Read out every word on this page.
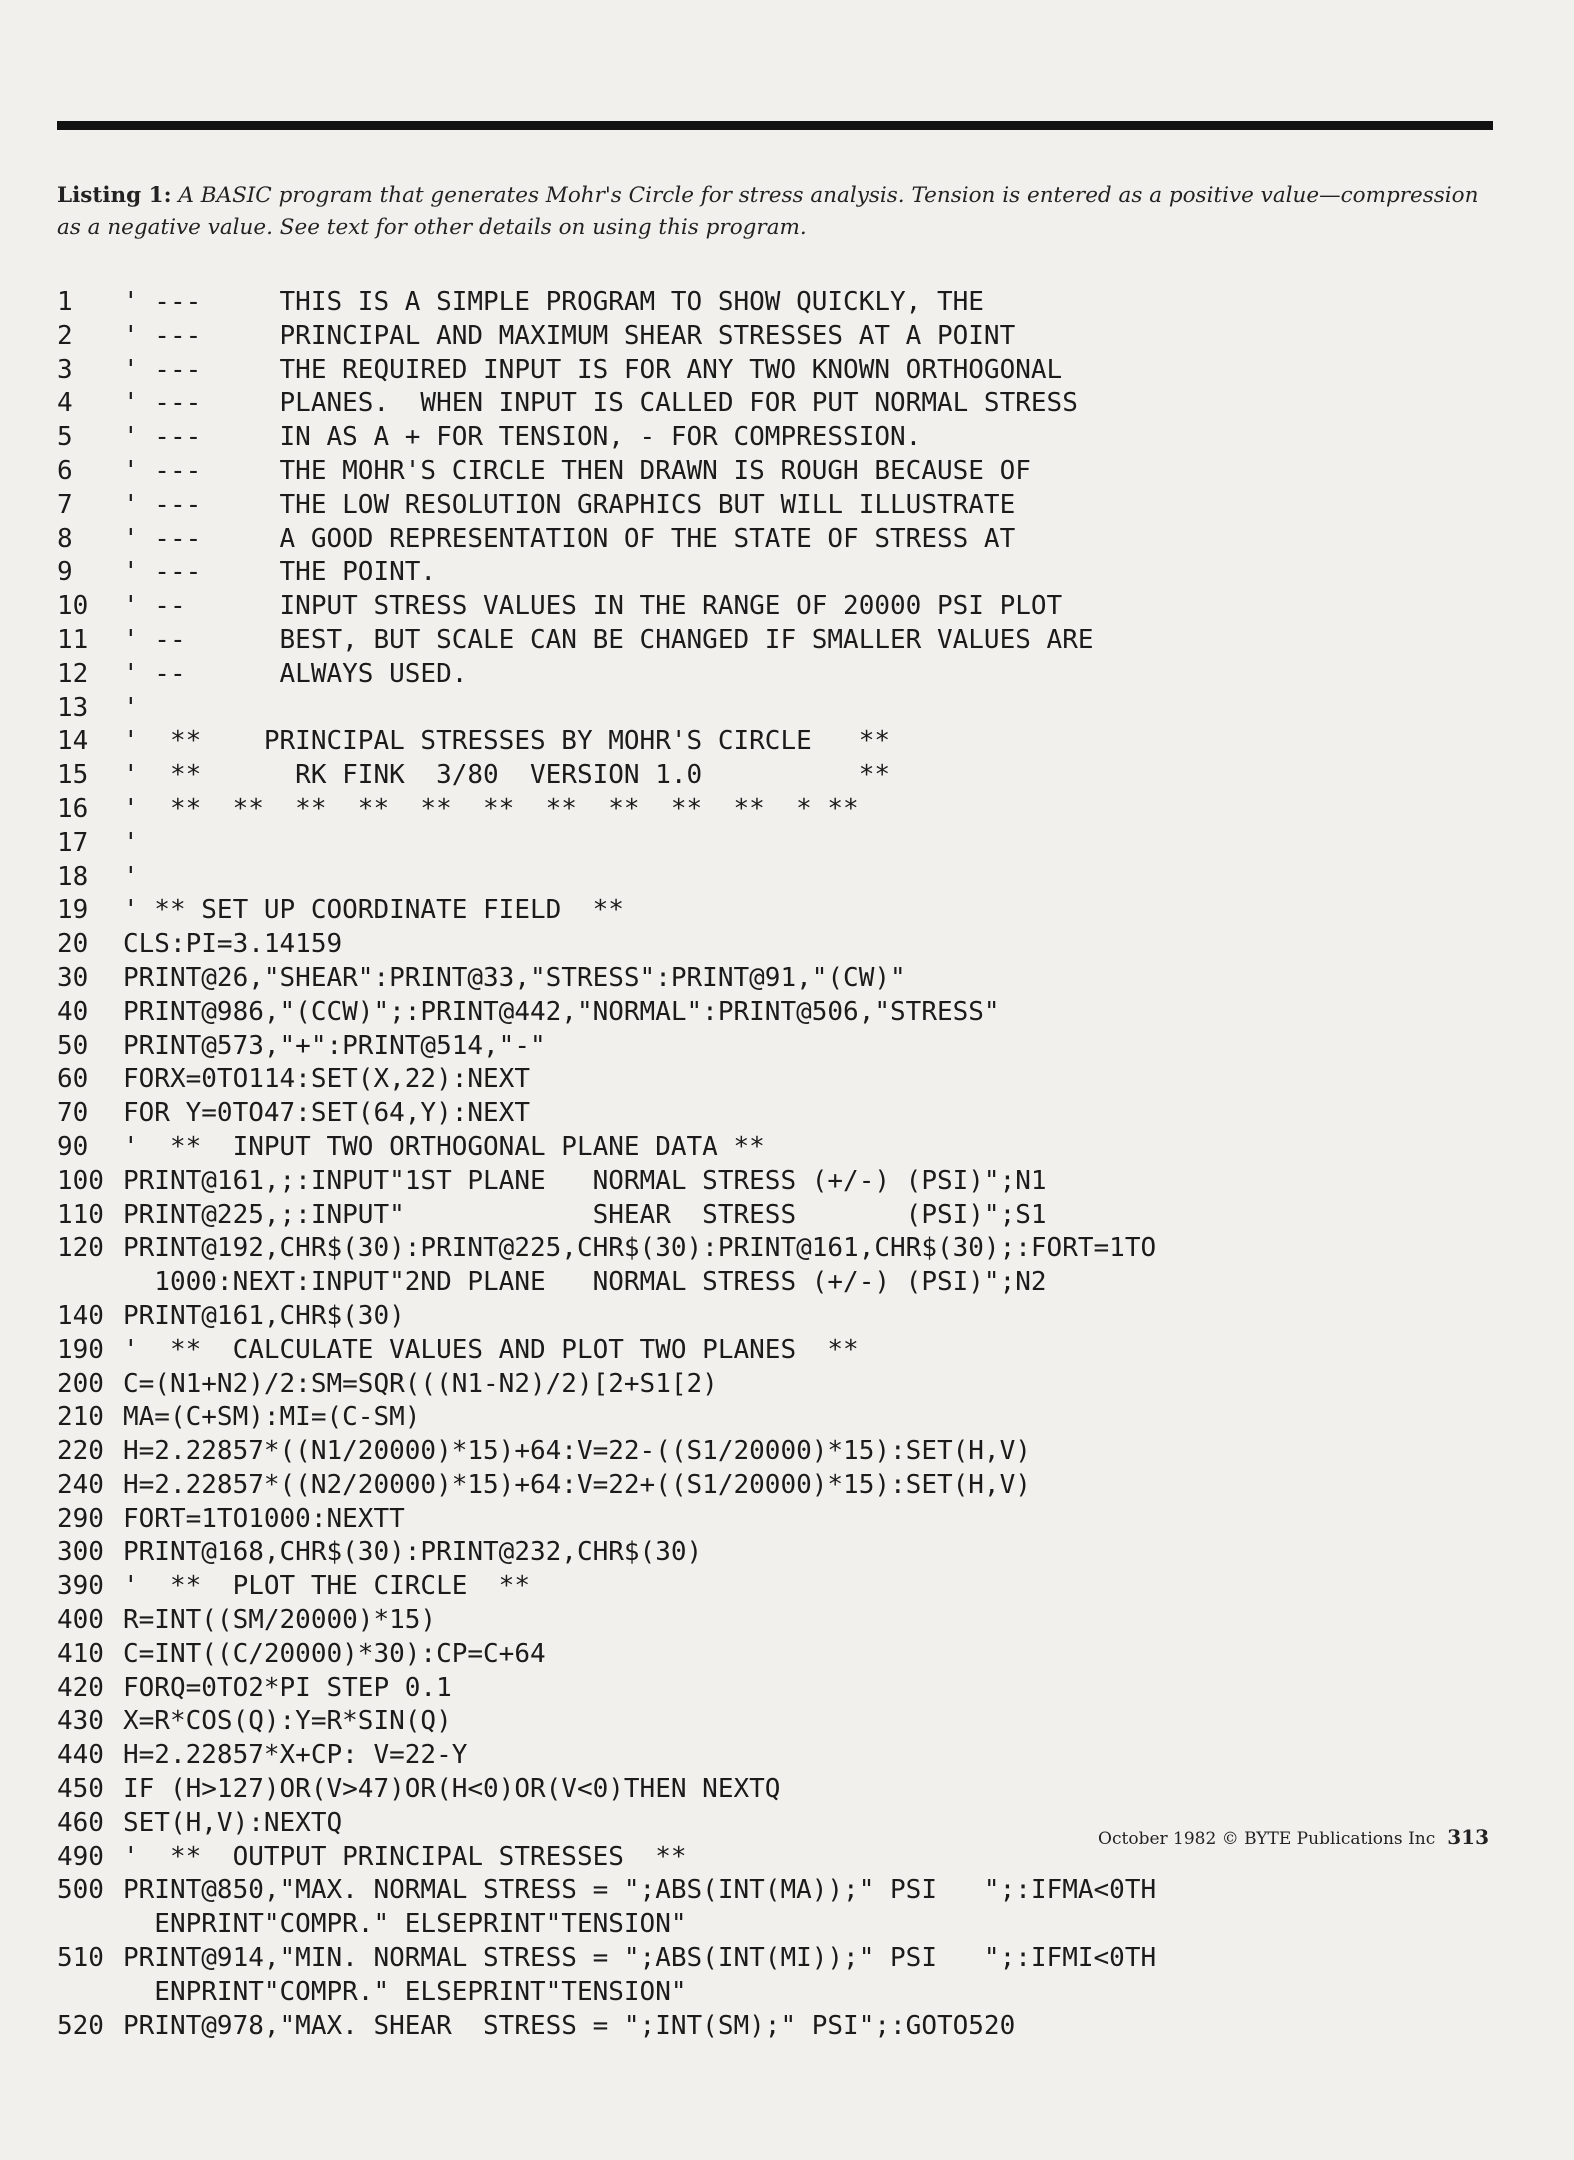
Listing 1: A BASIC program that generates Mohr's Circle for stress analysis. Tension is entered as a positive value—compression as a negative value. See text for other details on using this program.
1	' ---     THIS IS A SIMPLE PROGRAM TO SHOW QUICKLY, THE
2	' ---     PRINCIPAL AND MAXIMUM SHEAR STRESSES AT A POINT
3	' ---     THE REQUIRED INPUT IS FOR ANY TWO KNOWN ORTHOGONAL
4	' ---     PLANES.  WHEN INPUT IS CALLED FOR PUT NORMAL STRESS
5	' ---     IN AS A + FOR TENSION, - FOR COMPRESSION.
6	' ---     THE MOHR'S CIRCLE THEN DRAWN IS ROUGH BECAUSE OF
7	' ---     THE LOW RESOLUTION GRAPHICS BUT WILL ILLUSTRATE
8	' ---     A GOOD REPRESENTATION OF THE STATE OF STRESS AT
9	' ---     THE POINT.
10	' --      INPUT STRESS VALUES IN THE RANGE OF 20000 PSI PLOT
11	' --      BEST, BUT SCALE CAN BE CHANGED IF SMALLER VALUES ARE
12	' --      ALWAYS USED.
13	'
14	'  **    PRINCIPAL STRESSES BY MOHR'S CIRCLE   **
15	'  **      RK FINK  3/80  VERSION 1.0          **
16	'  **  **  **  **  **  **  **  **  **  **  * **
17	'
18	'
19	' ** SET UP COORDINATE FIELD  **
20	CLS:PI=3.14159
30	PRINT@26,"SHEAR":PRINT@33,"STRESS":PRINT@91,"(CW)"
40	PRINT@986,"(CCW)";:PRINT@442,"NORMAL":PRINT@506,"STRESS"
50	PRINT@573,"+":PRINT@514,"-"
60	FORX=0TO114:SET(X,22):NEXT
70	FOR Y=0TO47:SET(64,Y):NEXT
90	'  **  INPUT TWO ORTHOGONAL PLANE DATA **
100 PRINT@161,;:INPUT"1ST PLANE   NORMAL STRESS (+/-) (PSI)";N1
110 PRINT@225,;:INPUT"            SHEAR  STRESS       (PSI)";S1
120 PRINT@192,CHR$(30):PRINT@225,CHR$(30):PRINT@161,CHR$(30);:FORT=1TO
1000:NEXT:INPUT"2ND PLANE   NORMAL STRESS (+/-) (PSI)";N2
140 PRINT@161,CHR$(30)
190 '  **  CALCULATE VALUES AND PLOT TWO PLANES  **
200 C=(N1+N2)/2:SM=SQR(((N1-N2)/2)[2+S1[2)
210 MA=(C+SM):MI=(C-SM)
220 H=2.22857*((N1/20000)*15)+64:V=22-((S1/20000)*15):SET(H,V)
240 H=2.22857*((N2/20000)*15)+64:V=22+((S1/20000)*15):SET(H,V)
290 FORT=1TO1000:NEXTT
300 PRINT@168,CHR$(30):PRINT@232,CHR$(30)
390 '  **  PLOT THE CIRCLE  **
400 R=INT((SM/20000)*15)
410 C=INT((C/20000)*30):CP=C+64
420 FORQ=0TO2*PI STEP 0.1
430 X=R*COS(Q):Y=R*SIN(Q)
440 H=2.22857*X+CP: V=22-Y
450 IF (H>127)OR(V>47)OR(H<0)OR(V<0)THEN NEXTQ
460 SET(H,V):NEXTQ
490 '  **  OUTPUT PRINCIPAL STRESSES  **
500 PRINT@850,"MAX. NORMAL STRESS = ";ABS(INT(MA));" PSI   ";:IFMA<0TH
ENPRINT"COMPR." ELSEPRINT"TENSION"
510 PRINT@914,"MIN. NORMAL STRESS = ";ABS(INT(MI));" PSI   ";:IFMI<0TH
ENPRINT"COMPR." ELSEPRINT"TENSION"
520 PRINT@978,"MAX. SHEAR  STRESS = ";INT(SM);" PSI";:GOTO520
October 1982 © BYTE Publications Inc 313
